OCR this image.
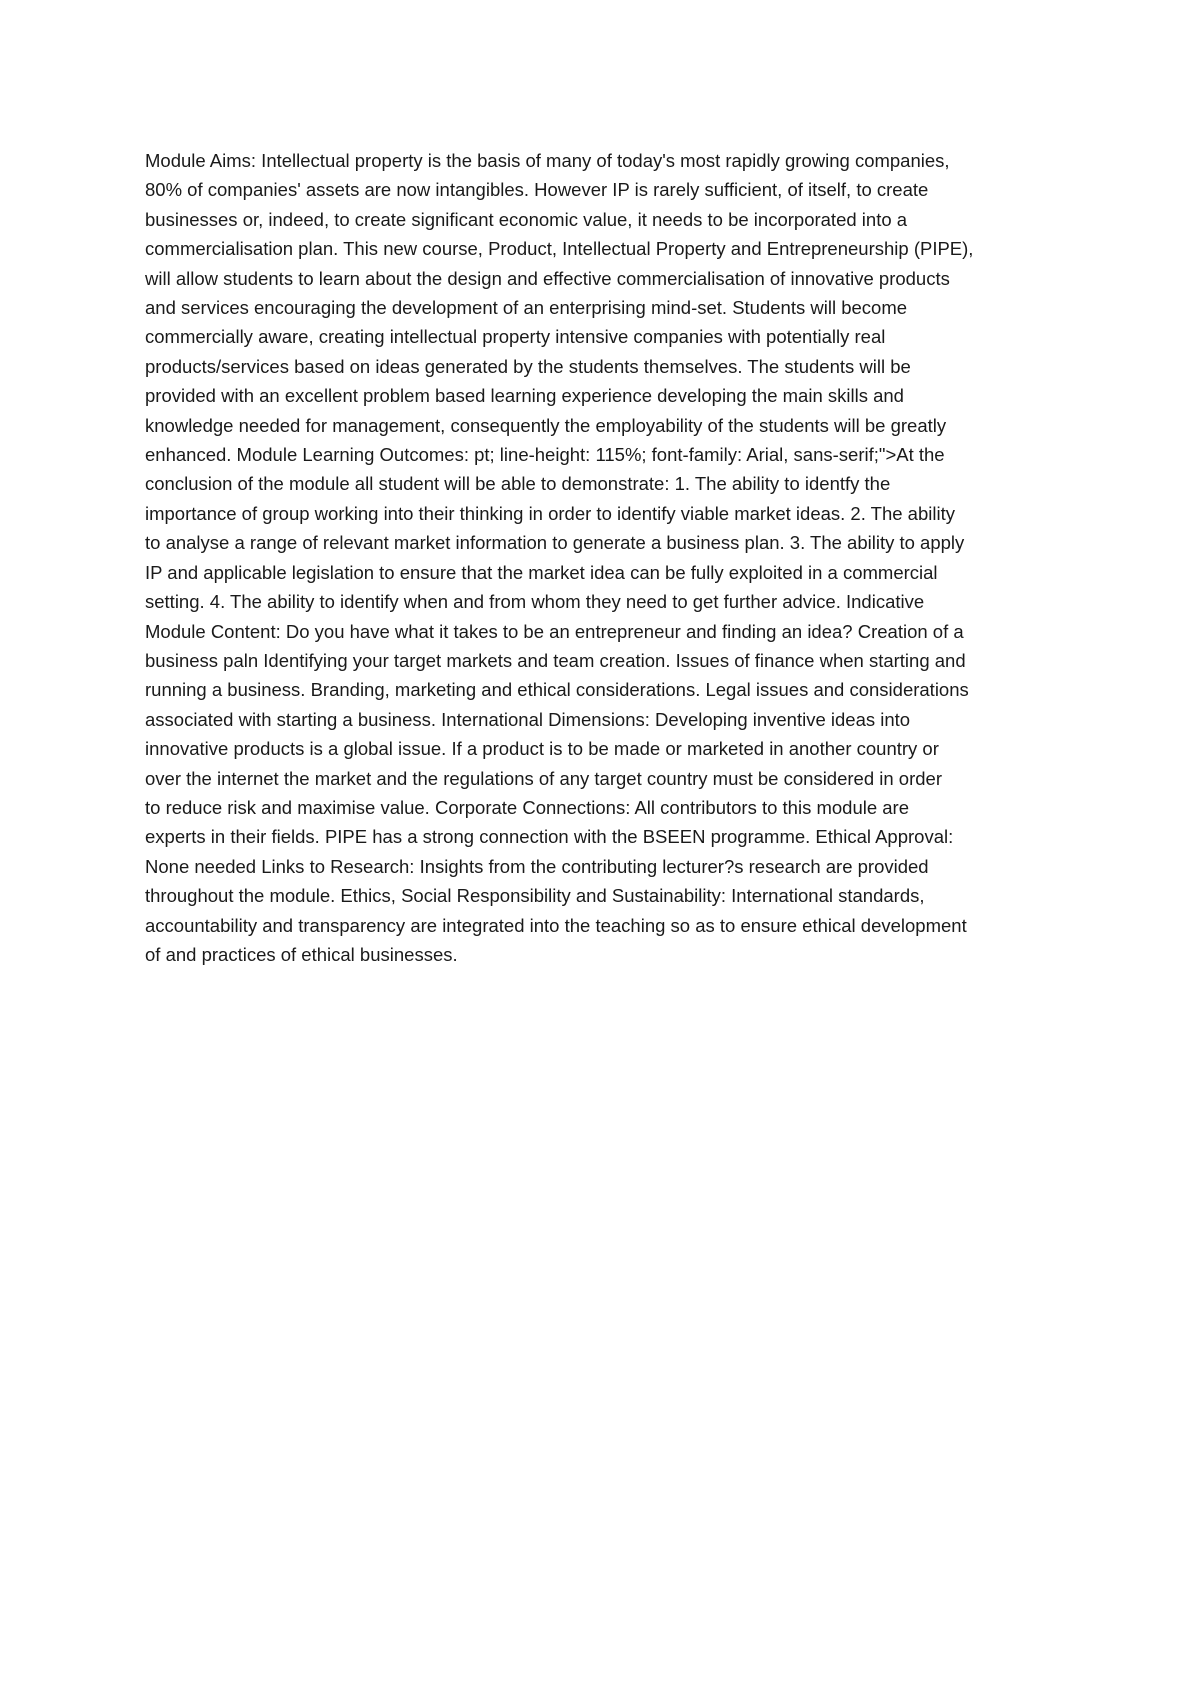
Module Aims: Intellectual property is the basis of many of today's most rapidly growing companies,
80% of companies' assets are now intangibles. However IP is rarely sufficient, of itself, to create
businesses or, indeed, to create significant economic value, it needs to be incorporated into a
commercialisation plan. This new course, Product, Intellectual Property and Entrepreneurship (PIPE),
will allow students to learn about the design and effective commercialisation of innovative products
and services encouraging the development of an enterprising mind-set. Students will become
commercially aware, creating intellectual property intensive companies with potentially real
products/services based on ideas generated by the students themselves. The students will be
provided with an excellent problem based learning experience developing the main skills and
knowledge needed for management, consequently the employability of the students will be greatly
enhanced. Module Learning Outcomes: pt; line-height: 115%; font-family: Arial, sans-serif;">At the
conclusion of the module all student will be able to demonstrate: 1. The ability to identfy the
importance of group working into their thinking in order to identify viable market ideas. 2. The ability
to analyse a range of relevant market information to generate a business plan. 3. The ability to apply
IP and applicable legislation to ensure that the market idea can be fully exploited in a commercial
setting. 4. The ability to identify when and from whom they need to get further advice. Indicative
Module Content: Do you have what it takes to be an entrepreneur and finding an idea? Creation of a
business paln Identifying your target markets and team creation. Issues of finance when starting and
running a business. Branding, marketing and ethical considerations. Legal issues and considerations
associated with starting a business. International Dimensions: Developing inventive ideas into
innovative products is a global issue. If a product is to be made or marketed in another country or
over the internet the market and the regulations of any target country must be considered in order
to reduce risk and maximise value. Corporate Connections: All contributors to this module are
experts in their fields. PIPE has a strong connection with the BSEEN programme. Ethical Approval:
None needed Links to Research: Insights from the contributing lecturer?s research are provided
throughout the module. Ethics, Social Responsibility and Sustainability: International standards,
accountability and transparency are integrated into the teaching so as to ensure ethical development
of and practices of ethical businesses.
